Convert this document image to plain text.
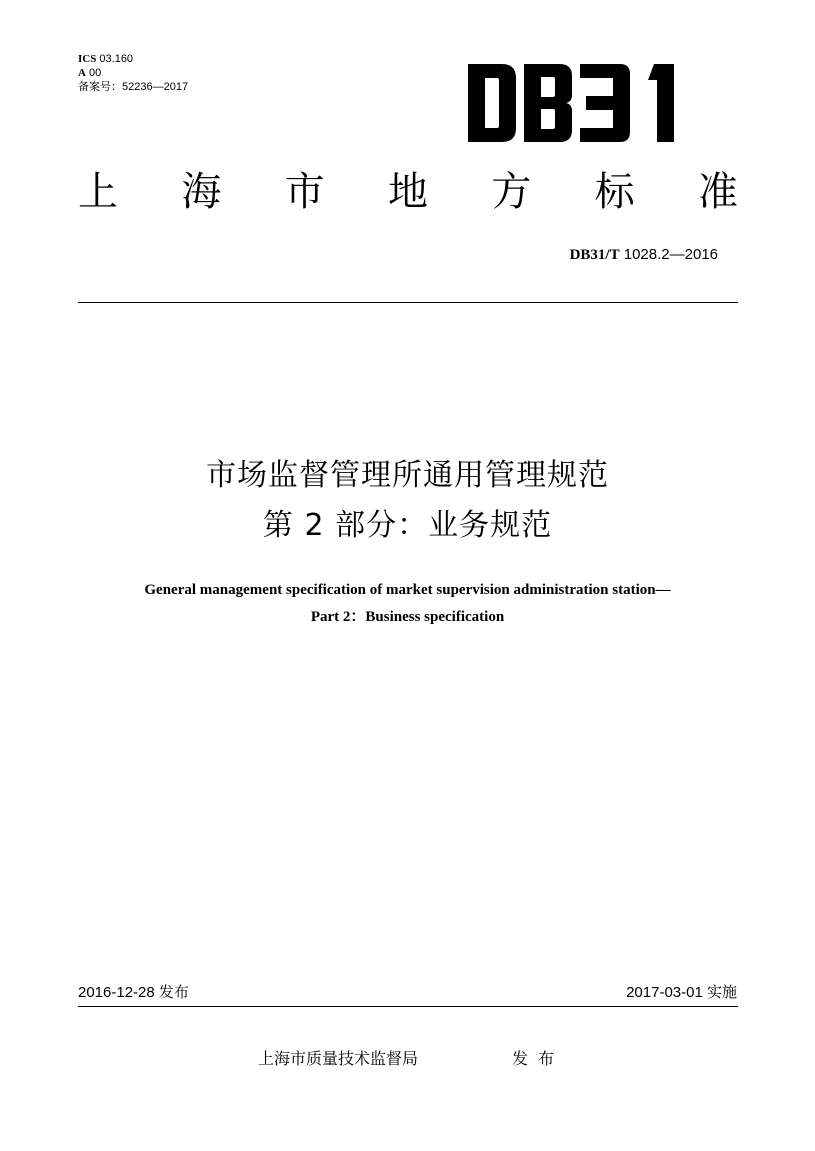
ICS 03.160
A 00
备案号：52236—2017
上 海 市 地 方 标 准
DB31/T 1028.2—2016
市场监督管理所通用管理规范
第 2 部分：业务规范
General management specification of market supervision administration station—
Part 2：Business specification
2016-12-28 发布	2017-03-01 实施
上海市质量技术监督局	发布
